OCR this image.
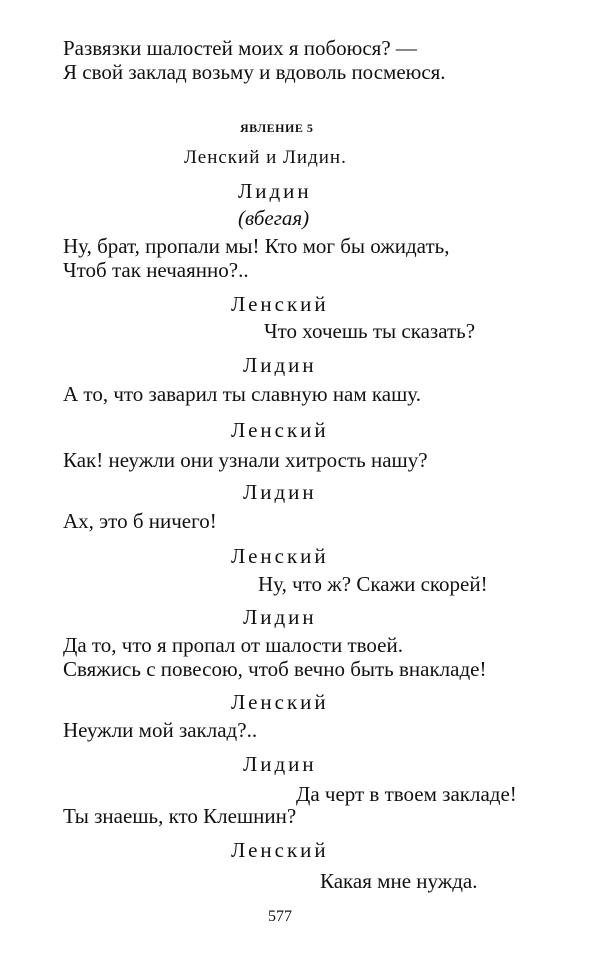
Развязки шалостей моих я побоюся? —
Я свой заклад возьму и вдоволь посмеюся.
ЯВЛЕНИЕ 5
Ленский и Лидин.
Лидин
(вбегая)
Ну, брат, пропали мы! Кто мог бы ожидать,
Чтоб так нечаянно?..
Ленский
Что хочешь ты сказать?
Лидин
А то, что заварил ты славную нам кашу.
Ленский
Как! неужли они узнали хитрость нашу?
Лидин
Ах, это б ничего!
Ленский
Ну, что ж? Скажи скорей!
Лидин
Да то, что я пропал от шалости твоей.
Свяжись с повесою, чтоб вечно быть внакладе!
Ленский
Неужли мой заклад?..
Лидин
Да черт в твоем закладе!
Ты знаешь, кто Клешнин?
Ленский
Какая мне нужда.
577
